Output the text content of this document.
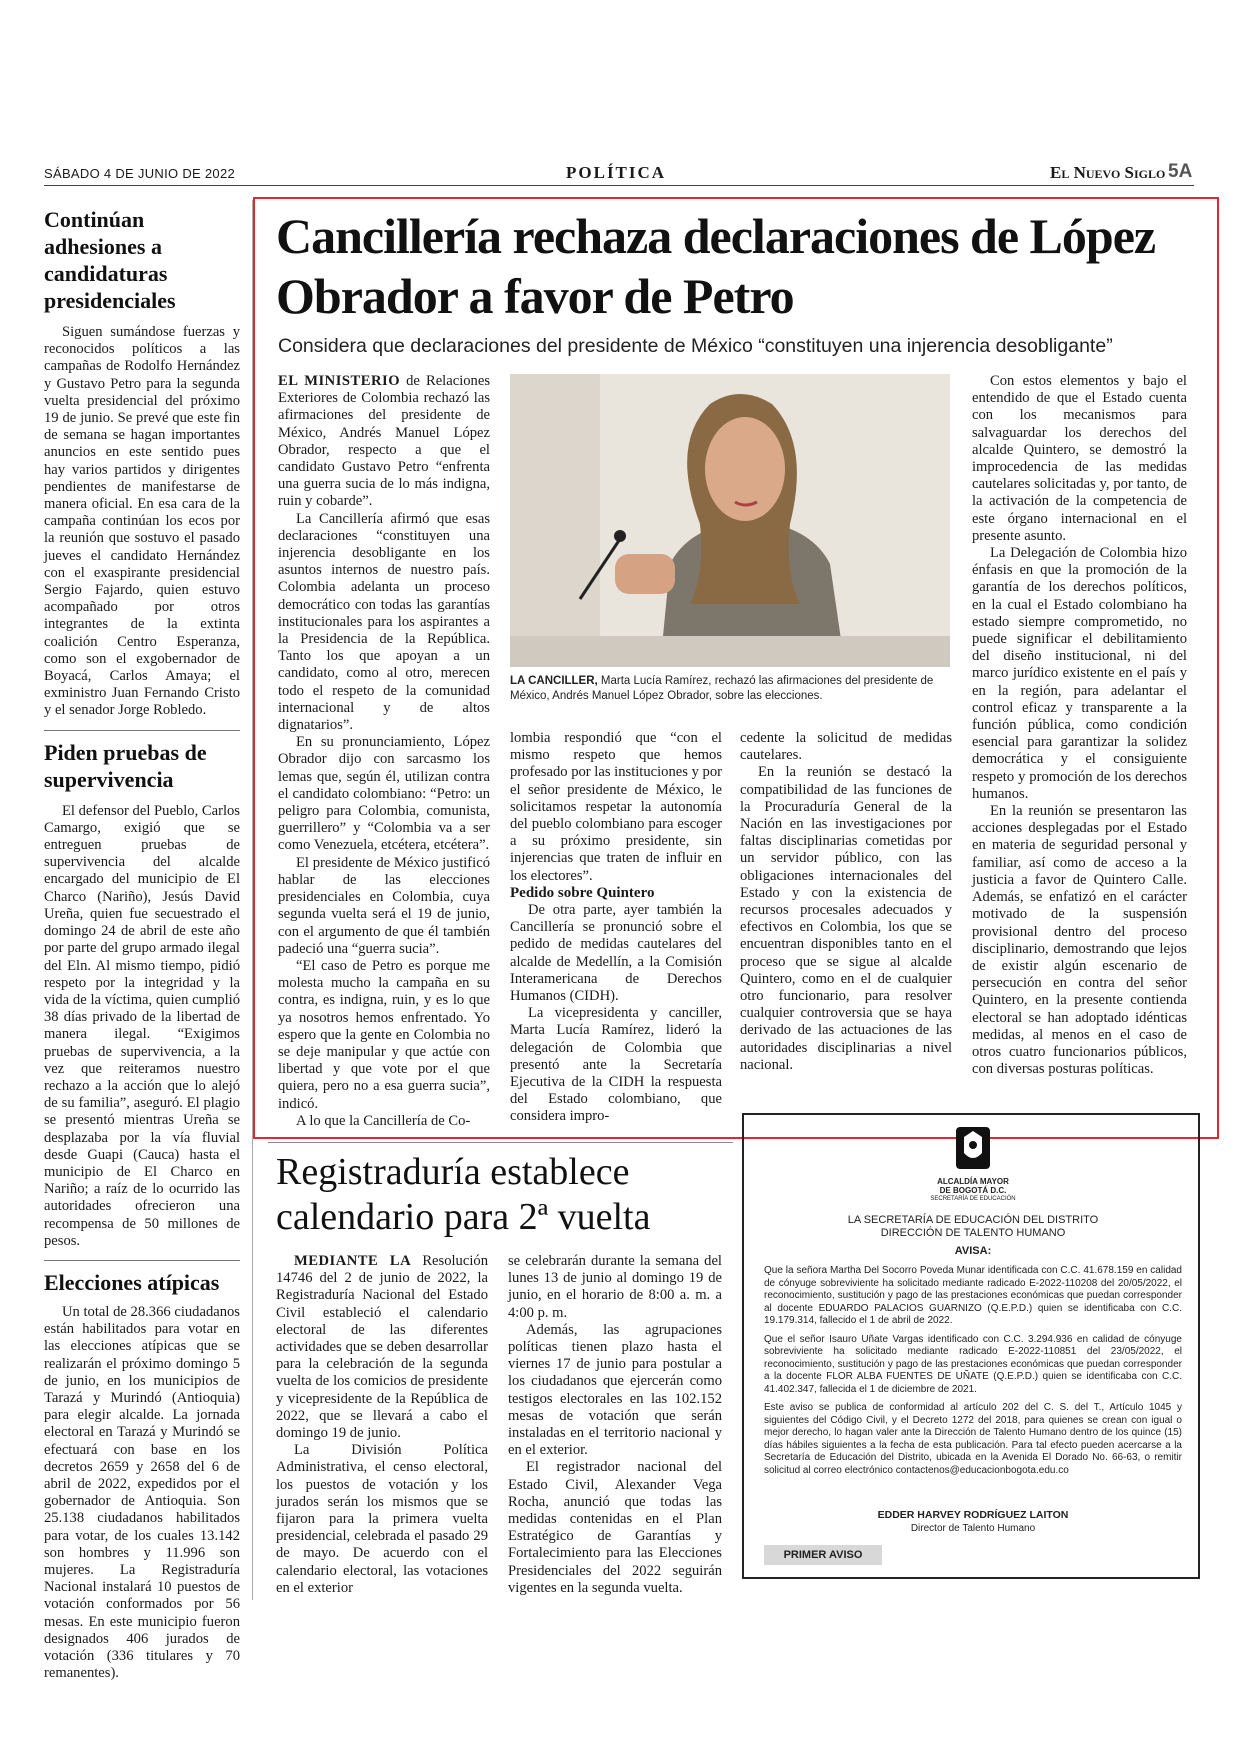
SÁBADO 4 DE JUNIO DE 2022	POLÍTICA	El Nuevo Siglo 5A
Continúan adhesiones a candidaturas presidenciales

Siguen sumándose fuerzas y reconocidos políticos a las campañas de Rodolfo Hernández y Gustavo Petro para la segunda vuelta presidencial del próximo 19 de junio. Se prevé que este fin de semana se hagan importantes anuncios en este sentido pues hay varios partidos y dirigentes pendientes de manifestarse de manera oficial. En esa cara de la campaña continúan los ecos por la reunión que sostuvo el pasado jueves el candidato Hernández con el exaspirante presidencial Sergio Fajardo, quien estuvo acompañado por otros integrantes de la extinta coalición Centro Esperanza, como son el exgobernador de Boyacá, Carlos Amaya; el exministro Juan Fernando Cristo y el senador Jorge Robledo.

Piden pruebas de supervivencia

El defensor del Pueblo, Carlos Camargo, exigió que se entreguen pruebas de supervivencia del alcalde encargado del municipio de El Charco (Nariño), Jesús David Ureña, quien fue secuestrado el domingo 24 de abril de este año por parte del grupo armado ilegal del Eln. Al mismo tiempo, pidió respeto por la integridad y la vida de la víctima, quien cumplió 38 días privado de la libertad de manera ilegal. “Exigimos pruebas de supervivencia, a la vez que reiteramos nuestro rechazo a la acción que lo alejó de su familia”, aseguró. El plagio se presentó mientras Ureña se desplazaba por la vía fluvial desde Guapi (Cauca) hasta el municipio de El Charco en Nariño; a raíz de lo ocurrido las autoridades ofrecieron una recompensa de 50 millones de pesos.

Elecciones atípicas

Un total de 28.366 ciudadanos están habilitados para votar en las elecciones atípicas que se realizarán el próximo domingo 5 de junio, en los municipios de Tarazá y Murindó (Antioquia) para elegir alcalde. La jornada electoral en Tarazá y Murindó se efectuará con base en los decretos 2659 y 2658 del 6 de abril de 2022, expedidos por el gobernador de Antioquia. Son 25.138 ciudadanos habilitados para votar, de los cuales 13.142 son hombres y 11.996 son mujeres. La Registraduría Nacional instalará 10 puestos de votación conformados por 56 mesas. En este municipio fueron designados 406 jurados de votación (336 titulares y 70 remanentes).

Cancillería rechaza declaraciones de López Obrador a favor de Petro
Considera que declaraciones del presidente de México “constituyen una injerencia desobligante”

EL MINISTERIO de Relaciones Exteriores de Colombia rechazó las afirmaciones del presidente de México, Andrés Manuel López Obrador, respecto a que el candidato Gustavo Petro “enfrenta una guerra sucia de lo más indigna, ruin y cobarde”.

La Cancillería afirmó que esas declaraciones “constituyen una injerencia desobligante en los asuntos internos de nuestro país. Colombia adelanta un proceso democrático con todas las garantías institucionales para los aspirantes a la Presidencia de la República. Tanto los que apoyan a un candidato, como al otro, merecen todo el respeto de la comunidad internacional y de altos dignatarios”.

En su pronunciamiento, López Obrador dijo con sarcasmo los lemas que, según él, utilizan contra el candidato colombiano: “Petro: un peligro para Colombia, comunista, guerrillero” y “Colombia va a ser como Venezuela, etcétera, etcétera”.

El presidente de México justificó hablar de las elecciones presidenciales en Colombia, cuya segunda vuelta será el 19 de junio, con el argumento de que él también padeció una “guerra sucia”.

“El caso de Petro es porque me molesta mucho la campaña en su contra, es indigna, ruin, y es lo que ya nosotros hemos enfrentado. Yo espero que la gente en Colombia no se deje manipular y que actúe con libertad y que vote por el que quiera, pero no a esa guerra sucia”, indicó.

A lo que la Cancillería de Co-

LA CANCILLER, Marta Lucía Ramírez, rechazó las afirmaciones del presidente de México, Andrés Manuel López Obrador, sobre las elecciones.

lombia respondió que “con el mismo respeto que hemos profesado por las instituciones y por el señor presidente de México, le solicitamos respetar la autonomía del pueblo colombiano para escoger a su próximo presidente, sin injerencias que traten de influir en los electores”.

Pedido sobre Quintero

De otra parte, ayer también la Cancillería se pronunció sobre el pedido de medidas cautelares del alcalde de Medellín, a la Comisión Interamericana de Derechos Humanos (CIDH).

La vicepresidenta y canciller, Marta Lucía Ramírez, lideró la delegación de Colombia que presentó ante la Secretaría Ejecutiva de la CIDH la respuesta del Estado colombiano, que considera impro-

cedente la solicitud de medidas cautelares.

En la reunión se destacó la compatibilidad de las funciones de la Procuraduría General de la Nación en las investigaciones por faltas disciplinarias cometidas por un servidor público, con las obligaciones internacionales del Estado y con la existencia de recursos procesales adecuados y efectivos en Colombia, los que se encuentran disponibles tanto en el proceso que se sigue al alcalde Quintero, como en el de cualquier otro funcionario, para resolver cualquier controversia que se haya derivado de las actuaciones de las autoridades disciplinarias a nivel nacional.

Con estos elementos y bajo el entendido de que el Estado cuenta con los mecanismos para salvaguardar los derechos del alcalde Quintero, se demostró la improcedencia de las medidas cautelares solicitadas y, por tanto, de la activación de la competencia de este órgano internacional en el presente asunto.

La Delegación de Colombia hizo énfasis en que la promoción de la garantía de los derechos políticos, en la cual el Estado colombiano ha estado siempre comprometido, no puede significar el debilitamiento del diseño institucional, ni del marco jurídico existente en el país y en la región, para adelantar el control eficaz y transparente a la función pública, como condición esencial para garantizar la solidez democrática y el consiguiente respeto y promoción de los derechos humanos.

En la reunión se presentaron las acciones desplegadas por el Estado en materia de seguridad personal y familiar, así como de acceso a la justicia a favor de Quintero Calle. Además, se enfatizó en el carácter motivado de la suspensión provisional dentro del proceso disciplinario, demostrando que lejos de existir algún escenario de persecución en contra del señor Quintero, en la presente contienda electoral se han adoptado idénticas medidas, al menos en el caso de otros cuatro funcionarios públicos, con diversas posturas políticas.

Registraduría establece calendario para 2ª vuelta

MEDIANTE LA Resolución 14746 del 2 de junio de 2022, la Registraduría Nacional del Estado Civil estableció el calendario electoral de las diferentes actividades que se deben desarrollar para la celebración de la segunda vuelta de los comicios de presidente y vicepresidente de la República de 2022, que se llevará a cabo el domingo 19 de junio.

La División Política Administrativa, el censo electoral, los puestos de votación y los jurados serán los mismos que se fijaron para la primera vuelta presidencial, celebrada el pasado 29 de mayo. De acuerdo con el calendario electoral, las votaciones en el exterior

se celebrarán durante la semana del lunes 13 de junio al domingo 19 de junio, en el horario de 8:00 a. m. a 4:00 p. m.

Además, las agrupaciones políticas tienen plazo hasta el viernes 17 de junio para postular a los ciudadanos que ejercerán como testigos electorales en las 102.152 mesas de votación que serán instaladas en el territorio nacional y en el exterior.

El registrador nacional del Estado Civil, Alexander Vega Rocha, anunció que todas las medidas contenidas en el Plan Estratégico de Garantías y Fortalecimiento para las Elecciones Presidenciales del 2022 seguirán vigentes en la segunda vuelta.

ALCALDÍA MAYOR
DE BOGOTÁ D.C.
SECRETARÍA DE EDUCACIÓN
LA SECRETARÍA DE EDUCACIÓN DEL DISTRITO
DIRECCIÓN DE TALENTO HUMANO
AVISA:

Que la señora Martha Del Socorro Poveda Munar identificada con C.C. 41.678.159 en calidad de cónyuge sobreviviente ha solicitado mediante radicado E-2022-110208 del 20/05/2022, el reconocimiento, sustitución y pago de las prestaciones económicas que puedan corresponder al docente EDUARDO PALACIOS GUARNIZO (Q.E.P.D.) quien se identificaba con C.C. 19.179.314, fallecido el 1 de abril de 2022.

Que el señor Isauro Uñate Vargas identificado con C.C. 3.294.936 en calidad de cónyuge sobreviviente ha solicitado mediante radicado E-2022-110851 del 23/05/2022, el reconocimiento, sustitución y pago de las prestaciones económicas que puedan corresponder a la docente FLOR ALBA FUENTES DE UÑATE (Q.E.P.D.) quien se identificaba con C.C. 41.402.347, fallecida el 1 de diciembre de 2021.

Este aviso se publica de conformidad al artículo 202 del C. S. del T., Artículo 1045 y siguientes del Código Civil, y el Decreto 1272 del 2018, para quienes se crean con igual o mejor derecho, lo hagan valer ante la Dirección de Talento Humano dentro de los quince (15) días hábiles siguientes a la fecha de esta publicación. Para tal efecto pueden acercarse a la Secretaría de Educación del Distrito, ubicada en la Avenida El Dorado No. 66-63, o remitir solicitud al correo electrónico contactenos@educacionbogota.edu.co

EDDER HARVEY RODRÍGUEZ LAITON
Director de Talento Humano
PRIMER AVISO
